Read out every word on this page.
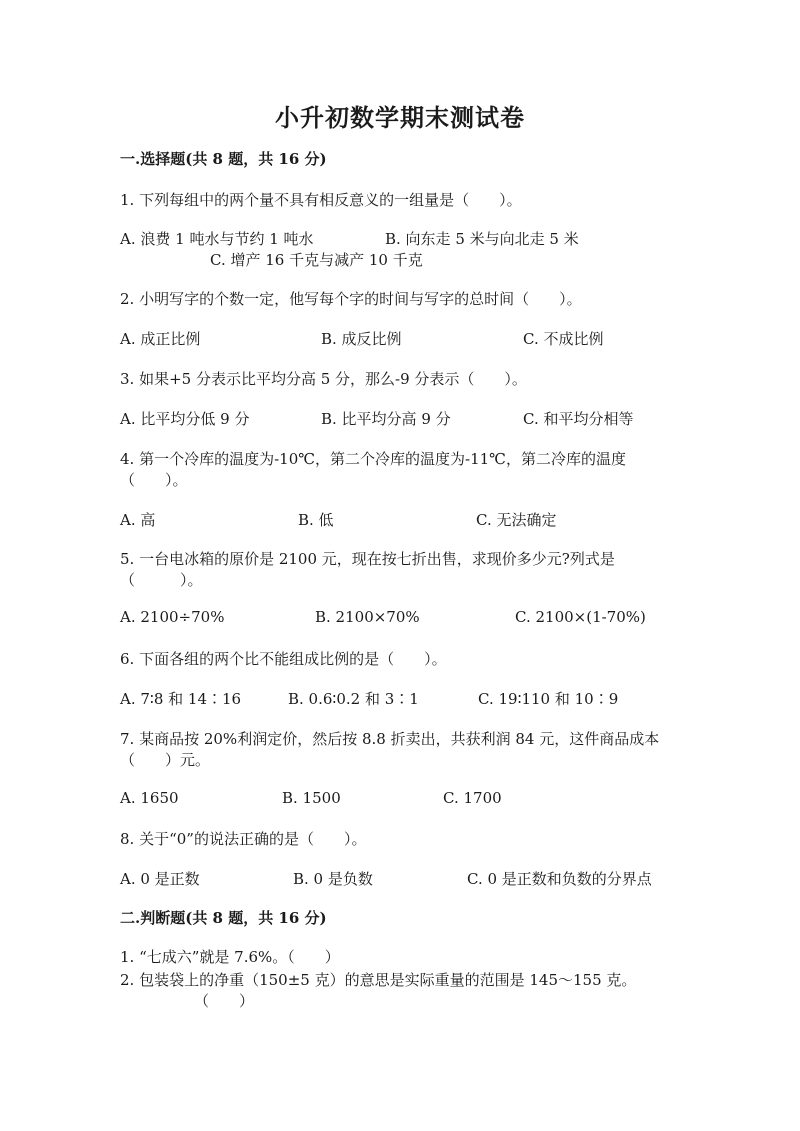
小升初数学期末测试卷
一.选择题(共 8 题，共 16 分)
1. 下列每组中的两个量不具有相反意义的一组量是（　　）。
A. 浪费 1 吨水与节约 1 吨水	B. 向东走 5 米与向北走 5 米
C. 增产 16 千克与减产 10 千克
2. 小明写字的个数一定，他写每个字的时间与写字的总时间（　　）。
A. 成正比例	B. 成反比例	C. 不成比例
3. 如果+5 分表示比平均分高 5 分，那么-9 分表示（　　）。
A. 比平均分低 9 分	B. 比平均分高 9 分	C. 和平均分相等
4. 第一个冷库的温度为-10℃，第二个冷库的温度为-11℃，第二冷库的温度
（　　）。
A. 高	B. 低	C. 无法确定
5. 一台电冰箱的原价是 2100 元，现在按七折出售，求现价多少元?列式是
（　　　）。
A. 2100÷70%	B. 2100×70%	C. 2100×(1-70%)
6. 下面各组的两个比不能组成比例的是（　　）。
A. 7∶8 和 14∶16	B. 0.6∶0.2 和 3∶1	C. 19∶110 和 10∶9
7. 某商品按 20%利润定价，然后按 8.8 折卖出，共获利润 84 元，这件商品成本
（　　）元。
A. 1650	B. 1500	C. 1700
8. 关于“0”的说法正确的是（　　）。
A. 0 是正数	B. 0 是负数	C. 0 是正数和负数的分界点
二.判断题(共 8 题，共 16 分)
1. “七成六”就是 7.6%。（　　）
2. 包装袋上的净重（150±5 克）的意思是实际重量的范围是 145～155 克。
（　　）
